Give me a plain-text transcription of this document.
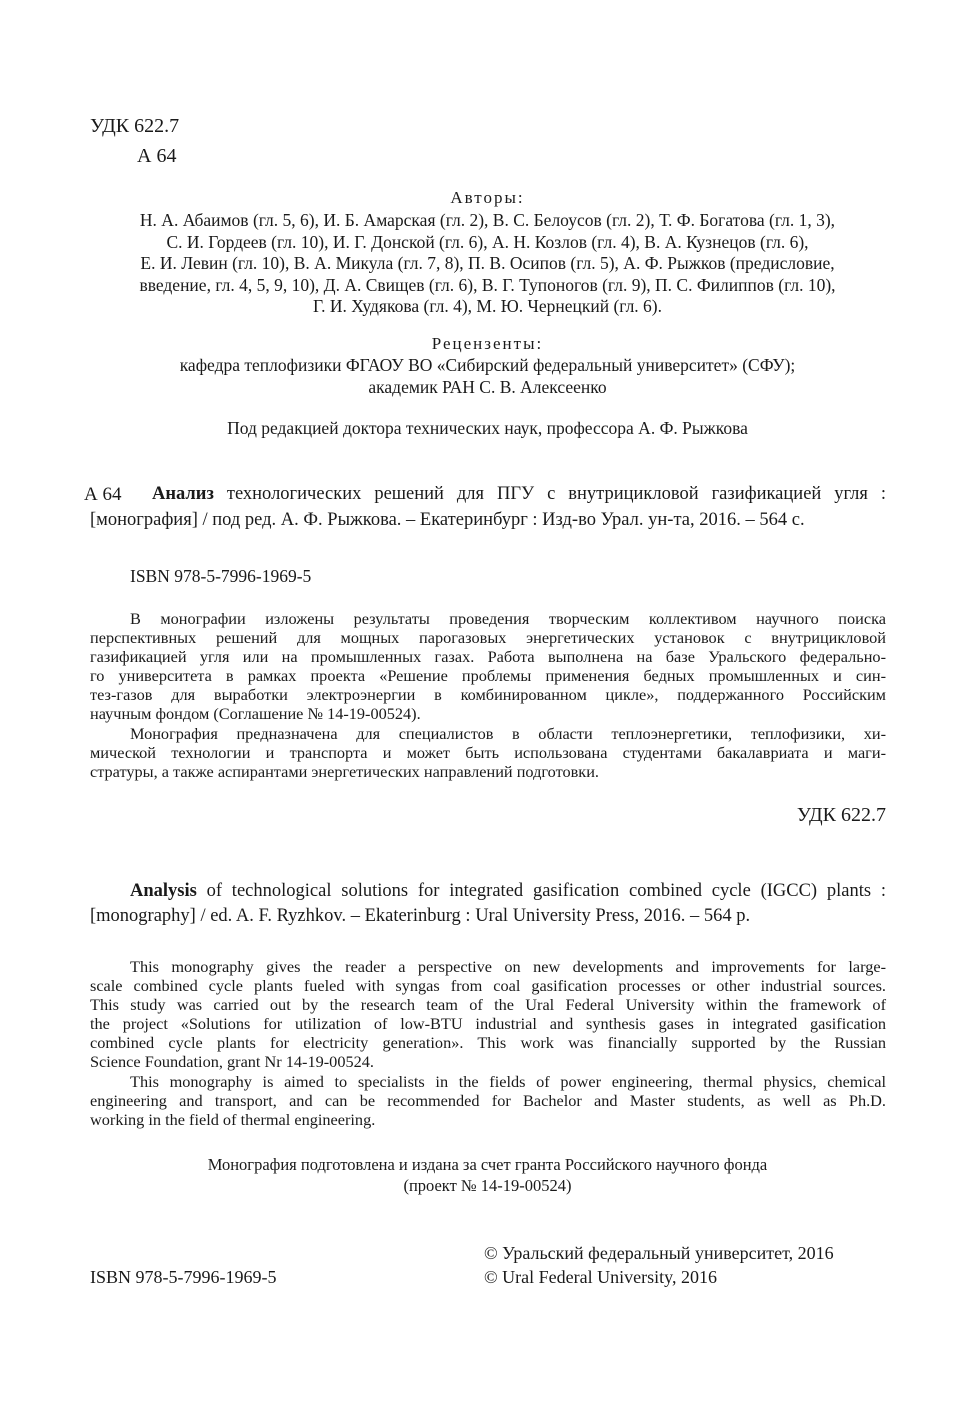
УДК 622.7
А 64
Авторы:
Н. А. Абаимов (гл. 5, 6), И. Б. Амарская (гл. 2), В. С. Белоусов (гл. 2), Т. Ф. Богатова (гл. 1, 3),
С. И. Гордеев (гл. 10), И. Г. Донской (гл. 6), А. Н. Козлов (гл. 4), В. А. Кузнецов (гл. 6),
Е. И. Левин (гл. 10), В. А. Микула (гл. 7, 8), П. В. Осипов (гл. 5), А. Ф. Рыжков (предисловие,
введение, гл. 4, 5, 9, 10), Д. А. Свищев (гл. 6), В. Г. Тупоногов (гл. 9), П. С. Филиппов (гл. 10),
Г. И. Худякова (гл. 4), М. Ю. Чернецкий (гл. 6).
Рецензенты:
кафедра теплофизики ФГАОУ ВО «Сибирский федеральный университет» (СФУ);
академик РАН С. В. Алексеенко
Под редакцией доктора технических наук, профессора А. Ф. Рыжкова
А 64 Анализ технологических решений для ПГУ с внутрицикловой газификацией угля :
[монография] / под ред. А. Ф. Рыжкова. – Екатеринбург : Изд-во Урал. ун-та, 2016. – 564 с.
ISBN 978-5-7996-1969-5

В монографии изложены результаты проведения творческим коллективом научного поиска

перспективных решений для мощных парогазовых энергетических установок с внутрицикловой

газификацией угля или на промышленных газах. Работа выполнена на базе Уральского федерально-

го университета в рамках проекта «Решение проблемы применения бедных промышленных и син-

тез-газов для выработки электроэнергии в комбинированном цикле», поддержанного Российским

научным фондом (Соглашение № 14-19-00524).

Монография предназначена для специалистов в области теплоэнергетики, теплофизики, хи-

мической технологии и транспорта и может быть использована студентами бакалавриата и маги-

стратуры, а также аспирантами энергетических направлений подготовки.

УДК 622.7
Analysis of technological solutions for integrated gasification combined cycle (IGCC) plants :
[monography] / ed. A. F. Ryzhkov. – Ekaterinburg : Ural University Press, 2016. – 564 p.

This monography gives the reader a perspective on new developments and improvements for large-

scale combined cycle plants fueled with syngas from coal gasification processes or other industrial sources.

This study was carried out by the research team of the Ural Federal University within the framework of

the project «Solutions for utilization of low-BTU industrial and synthesis gases in integrated gasification

combined cycle plants for electricity generation». This work was financially supported by the Russian

Science Foundation, grant Nr 14-19-00524.

This monography is aimed to specialists in the fields of power engineering, thermal physics, chemical

engineering and transport, and can be recommended for Bachelor and Master students, as well as Ph.D.

working in the field of thermal engineering.

Монография подготовлена и издана за счет гранта Российского научного фонда
(проект № 14-19-00524)
© Уральский федеральный университет, 2016
© Ural Federal University, 2016
ISBN 978-5-7996-1969-5
